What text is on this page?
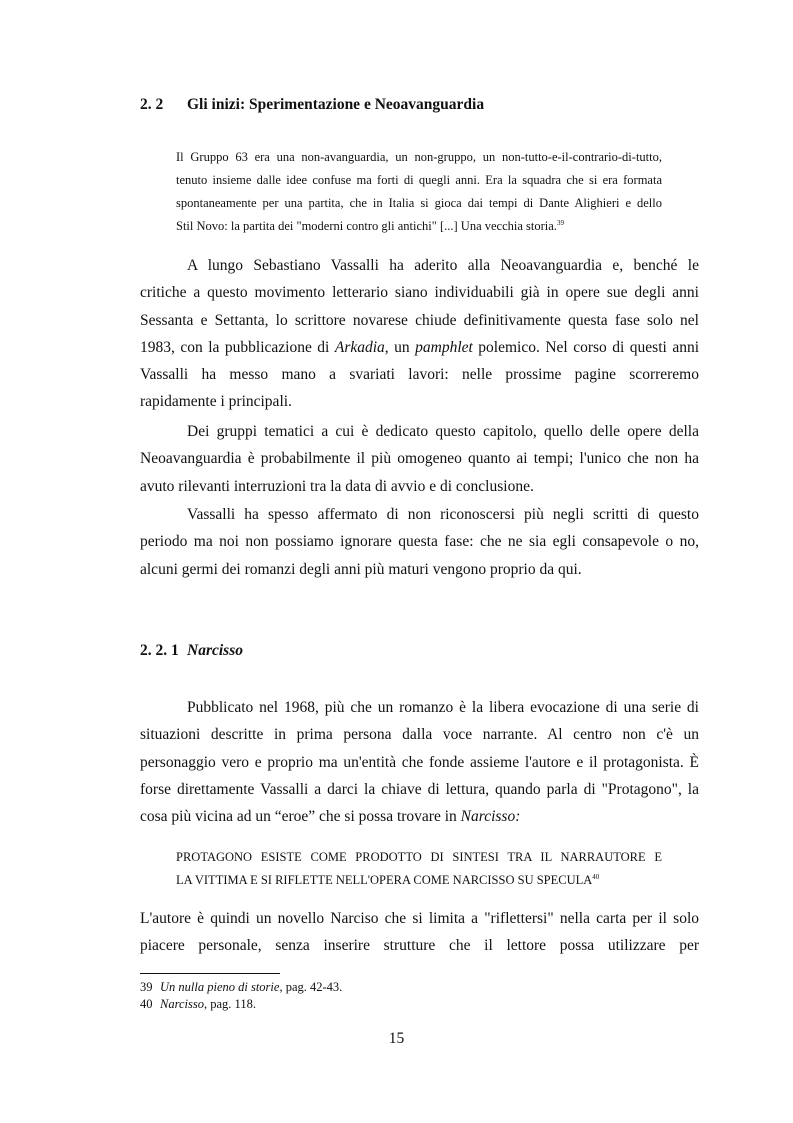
2. 2 Gli inizi: Sperimentazione e Neoavanguardia
Il Gruppo 63 era una non-avanguardia, un non-gruppo, un non-tutto-e-il-contrario-di-tutto,
tenuto insieme dalle idee confuse ma forti di quegli anni. Era la squadra che si era formata
spontaneamente per una partita, che in Italia si gioca dai tempi di Dante Alighieri e dello
Stil Novo: la partita dei "moderni contro gli antichi" [...] Una vecchia storia.$^{39}$
A lungo Sebastiano Vassalli ha aderito alla Neoavanguardia e, benché le
critiche a questo movimento letterario siano individuabili già in opere sue degli anni
Sessanta e Settanta, lo scrittore novarese chiude definitivamente questa fase solo nel
1983, con la pubblicazione di Arkadia, un pamphlet polemico. Nel corso di questi anni
Vassalli ha messo mano a svariati lavori: nelle prossime pagine scorreremo
rapidamente i principali.
Dei gruppi tematici a cui è dedicato questo capitolo, quello delle opere della
Neoavanguardia è probabilmente il più omogeneo quanto ai tempi; l'unico che non ha
avuto rilevanti interruzioni tra la data di avvio e di conclusione.
Vassalli ha spesso affermato di non riconoscersi più negli scritti di questo
periodo ma noi non possiamo ignorare questa fase: che ne sia egli consapevole o no,
alcuni germi dei romanzi degli anni più maturi vengono proprio da qui.
2. 2. 1 Narcisso
Pubblicato nel 1968, più che un romanzo è la libera evocazione di una serie di
situazioni descritte in prima persona dalla voce narrante. Al centro non c'è un
personaggio vero e proprio ma un'entità che fonde assieme l'autore e il protagonista. È
forse direttamente Vassalli a darci la chiave di lettura, quando parla di "Protagono", la
cosa più vicina ad un “eroe” che si possa trovare in Narcisso:
PROTAGONO ESISTE COME PRODOTTO DI SINTESI TRA IL NARRAUTORE E
LA VITTIMA E SI RIFLETTE NELL'OPERA COME NARCISSO SU SPECULA$^{40}$
L'autore è quindi un novello Narciso che si limita a "riflettersi" nella carta per il solo
piacere personale, senza inserire strutture che il lettore possa utilizzare per
39 Un nulla pieno di storie, pag. 42-43.
40 Narcisso, pag. 118.
15
